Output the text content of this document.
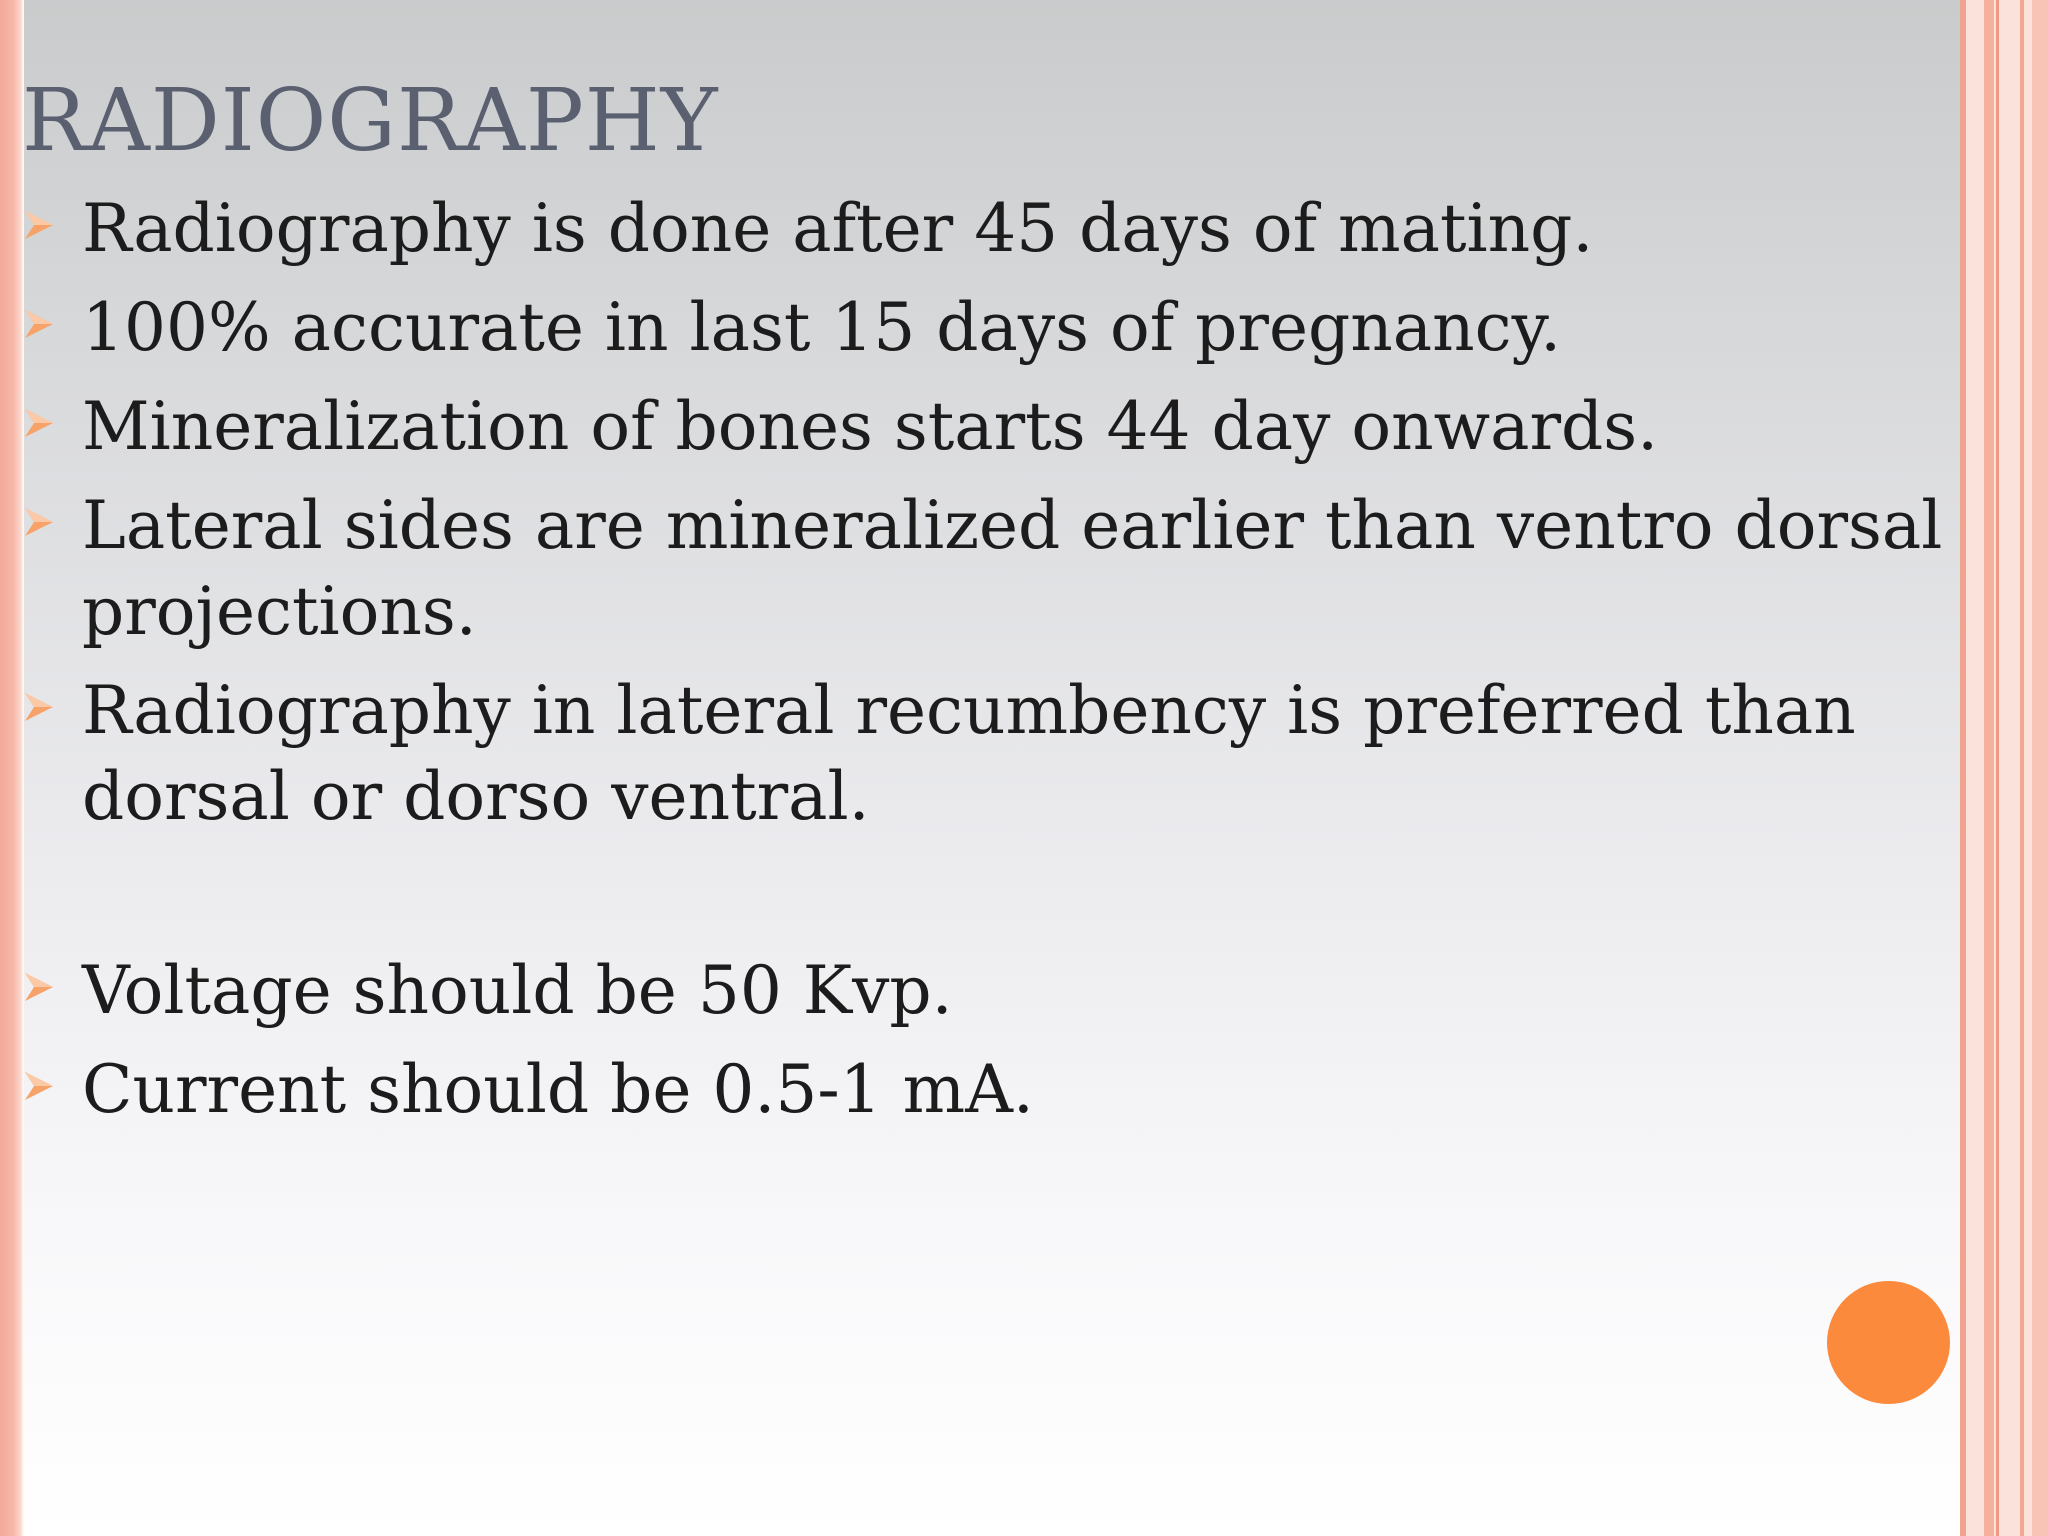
RADIOGRAPHY
Radiography is done after 45 days of mating.
100% accurate in last 15 days of pregnancy.
Mineralization of bones starts 44 day onwards.
Lateral sides are mineralized earlier than ventro dorsal projections.
Radiography in lateral recumbency is preferred than dorsal or dorso ventral.
Voltage should be 50 Kvp.
Current should be 0.5-1 mA.
